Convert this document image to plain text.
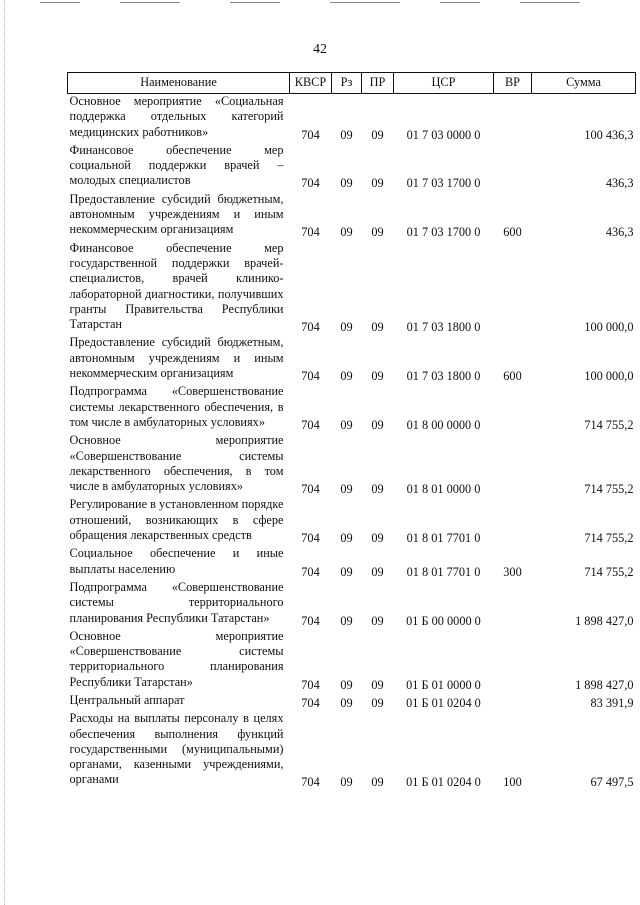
42
Наименование	КВСР	Рз	ПР	ЦСР	ВР	Сумма
Основное мероприятие «Социальная поддержка отдельных категорий медицинских работников»	704	09	09	01 7 03 0000 0		100 436,3
Финансовое обеспечение мер социальной поддержки врачей – молодых специалистов	704	09	09	01 7 03 1700 0		436,3
Предоставление субсидий бюджетным, автономным учреждениям и иным некоммерческим организациям	704	09	09	01 7 03 1700 0	600	436,3
Финансовое обеспечение мер государственной поддержки врачей-специалистов, врачей клинико-лабораторной диагностики, получивших гранты Правительства Республики Татарстан	704	09	09	01 7 03 1800 0		100 000,0
Предоставление субсидий бюджетным, автономным учреждениям и иным некоммерческим организациям	704	09	09	01 7 03 1800 0	600	100 000,0
Подпрограмма «Совершенствование системы лекарственного обеспечения, в том числе в амбулаторных условиях»	704	09	09	01 8 00 0000 0		714 755,2
Основное мероприятие «Совершенствование системы лекарственного обеспечения, в том числе в амбулаторных условиях»	704	09	09	01 8 01 0000 0		714 755,2
Регулирование в установленном порядке отношений, возникающих в сфере обращения лекарственных средств	704	09	09	01 8 01 7701 0		714 755,2
Социальное обеспечение и иные выплаты населению	704	09	09	01 8 01 7701 0	300	714 755,2
Подпрограмма «Совершенствование системы территориального планирования Республики Татарстан»	704	09	09	01 Б 00 0000 0		1 898 427,0
Основное мероприятие «Совершенствование системы территориального планирования Республики Татарстан»	704	09	09	01 Б 01 0000 0		1 898 427,0
Центральный аппарат	704	09	09	01 Б 01 0204 0		83 391,9
Расходы на выплаты персоналу в целях обеспечения выполнения функций государственными (муниципальными) органами, казенными учреждениями, органами	704	09	09	01 Б 01 0204 0	100	67 497,5
